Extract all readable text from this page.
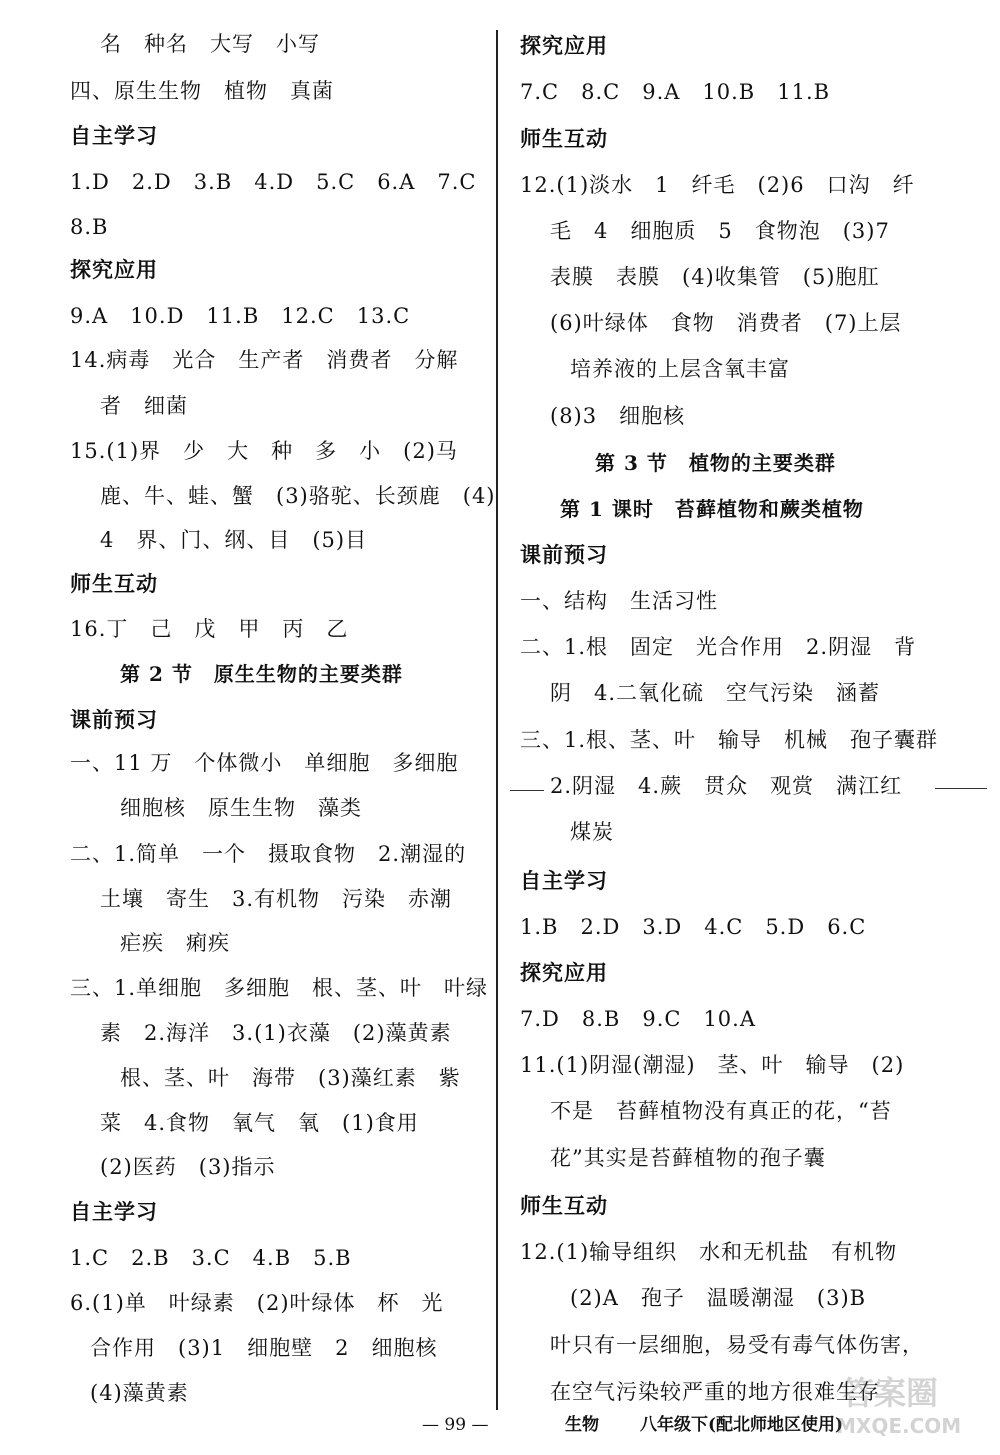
名　种名　大写　小写
四、原生生物　植物　真菌
自主学习
1.D　2.D　3.B　4.D　5.C　6.A　7.C
8.B
探究应用
9.A　10.D　11.B　12.C　13.C
14.病毒　光合　生产者　消费者　分解
者　细菌
15.(1)界　少　大　种　多　小　(2)马
鹿、牛、蛙、蟹　(3)骆驼、长颈鹿　(4)
4　界、门、纲、目　(5)目
师生互动
16.丁　己　戊　甲　丙　乙
第 2 节　原生生物的主要类群
课前预习
一、11 万　个体微小　单细胞　多细胞
细胞核　原生生物　藻类
二、1.简单　一个　摄取食物　2.潮湿的
土壤　寄生　3.有机物　污染　赤潮
疟疾　痢疾
三、1.单细胞　多细胞　根、茎、叶　叶绿
素　2.海洋　3.(1)衣藻　(2)藻黄素
根、茎、叶　海带　(3)藻红素　紫
菜　4.食物　氧气　氧　(1)食用
(2)医药　(3)指示
自主学习
1.C　2.B　3.C　4.B　5.B
6.(1)单　叶绿素　(2)叶绿体　杯　光
合作用　(3)1　细胞壁　2　细胞核
(4)藻黄素
探究应用
7.C　8.C　9.A　10.B　11.B
师生互动
12.(1)淡水　1　纤毛　(2)6　口沟　纤
毛　4　细胞质　5　食物泡　(3)7
表膜　表膜　(4)收集管　(5)胞肛
(6)叶绿体　食物　消费者　(7)上层
培养液的上层含氧丰富
(8)3　细胞核
第 3 节　植物的主要类群
第 1 课时　苔藓植物和蕨类植物
课前预习
一、结构　生活习性
二、1.根　固定　光合作用　2.阴湿　背
阴　4.二氧化硫　空气污染　涵蓄
三、1.根、茎、叶　输导　机械　孢子囊群
2.阴湿　4.蕨　贯众　观赏　满江红
煤炭
自主学习
1.B　2.D　3.D　4.C　5.D　6.C
探究应用
7.D　8.B　9.C　10.A
11.(1)阴湿(潮湿)　茎、叶　输导　(2)
不是　苔藓植物没有真正的花，“苔
花”其实是苔藓植物的孢子囊
师生互动
12.(1)输导组织　水和无机盐　有机物
(2)A　孢子　温暖潮湿　(3)B
叶只有一层细胞，易受有毒气体伤害，
在空气污染较严重的地方很难生存
— 99 —	生物 八年级下(配北师地区使用)
答案圈
MXQE.COM
